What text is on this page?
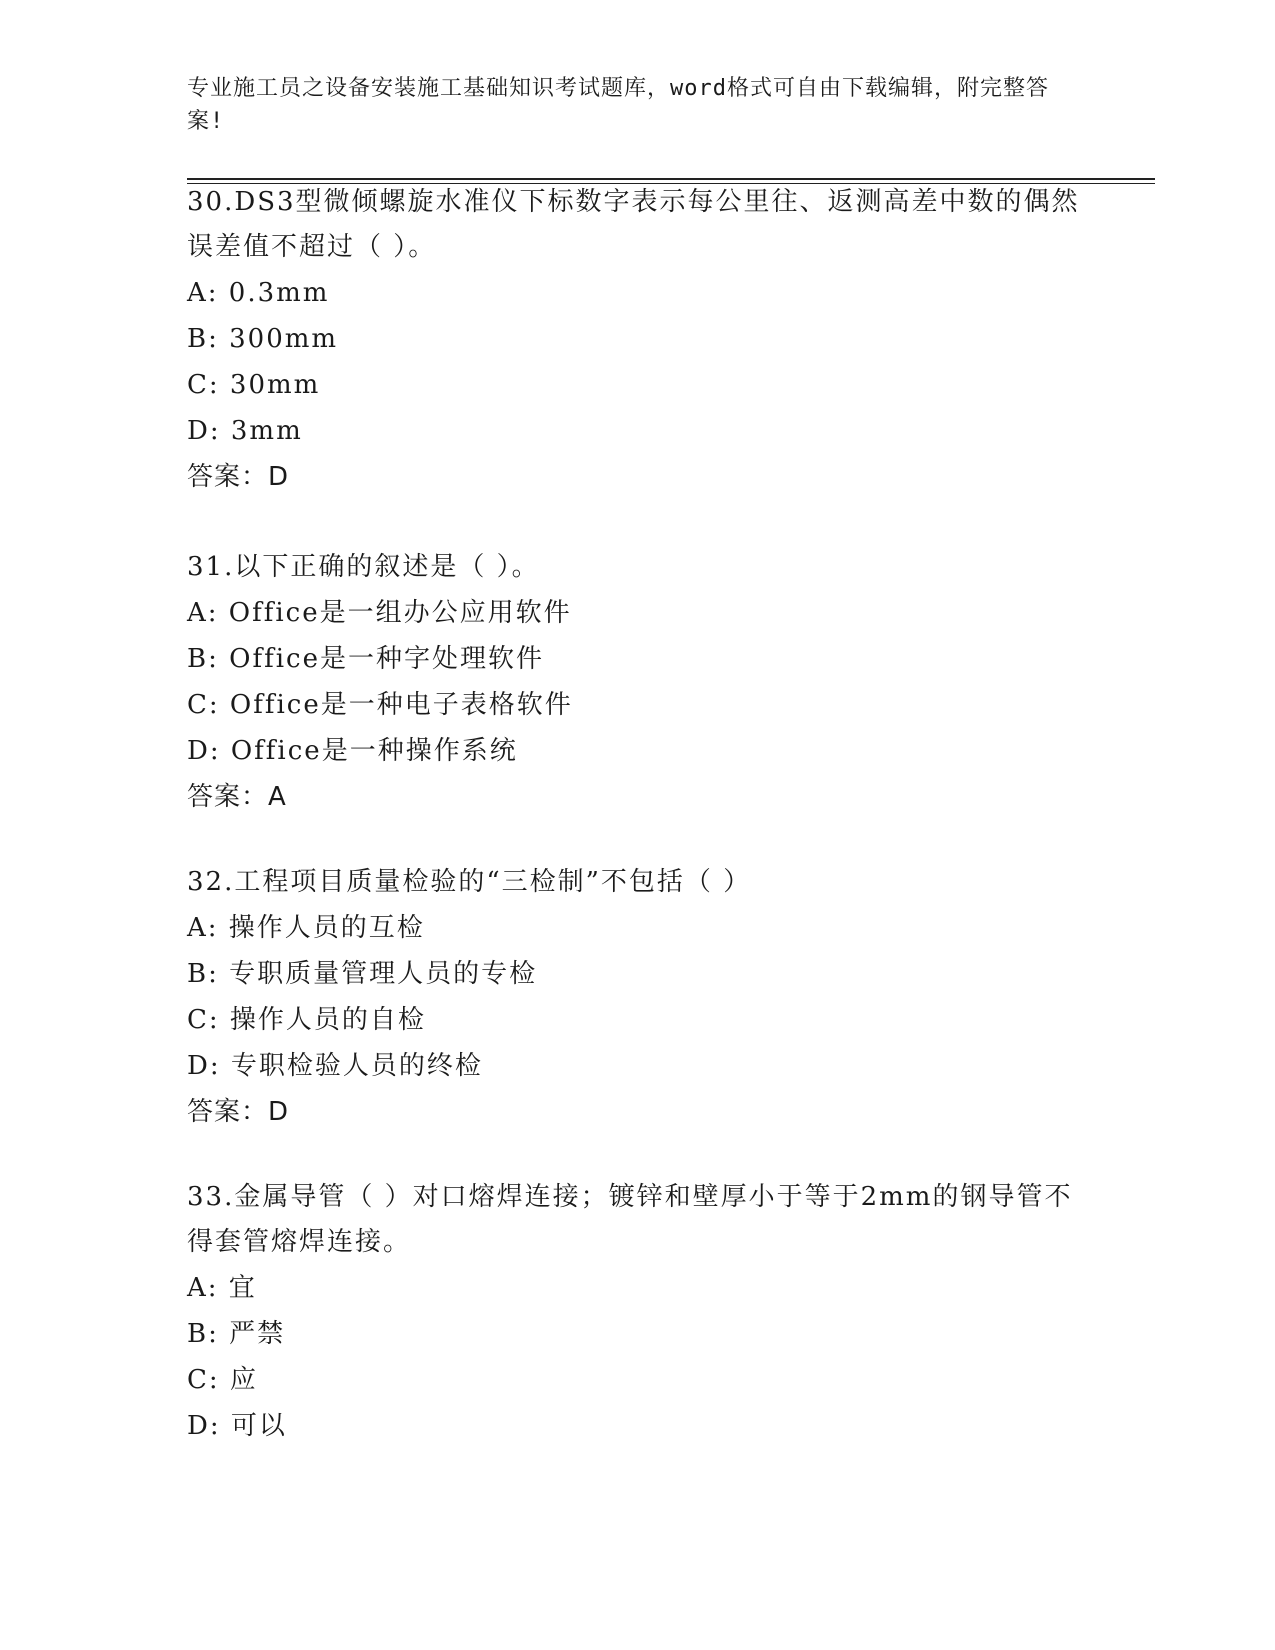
专业施工员之设备安装施工基础知识考试题库，word格式可自由下载编辑，附完整答案!

30.DS3型微倾螺旋水准仪下标数字表示每公里往、返测高差中数的偶然误差值不超过（ ）。

A: 0.3mm

B: 300mm

C: 30mm

D: 3mm

答案：D

31.以下正确的叙述是（ ）。

A: Office是一组办公应用软件

B: Office是一种字处理软件

C: Office是一种电子表格软件

D: Office是一种操作系统

答案：A

32.工程项目质量检验的“三检制”不包括（ ）

A: 操作人员的互检

B: 专职质量管理人员的专检

C: 操作人员的自检

D: 专职检验人员的终检

答案：D

33.金属导管（ ）对口熔焊连接；镀锌和壁厚小于等于2mm的钢导管不得套管熔焊连接。

A: 宜

B: 严禁

C: 应

D: 可以
